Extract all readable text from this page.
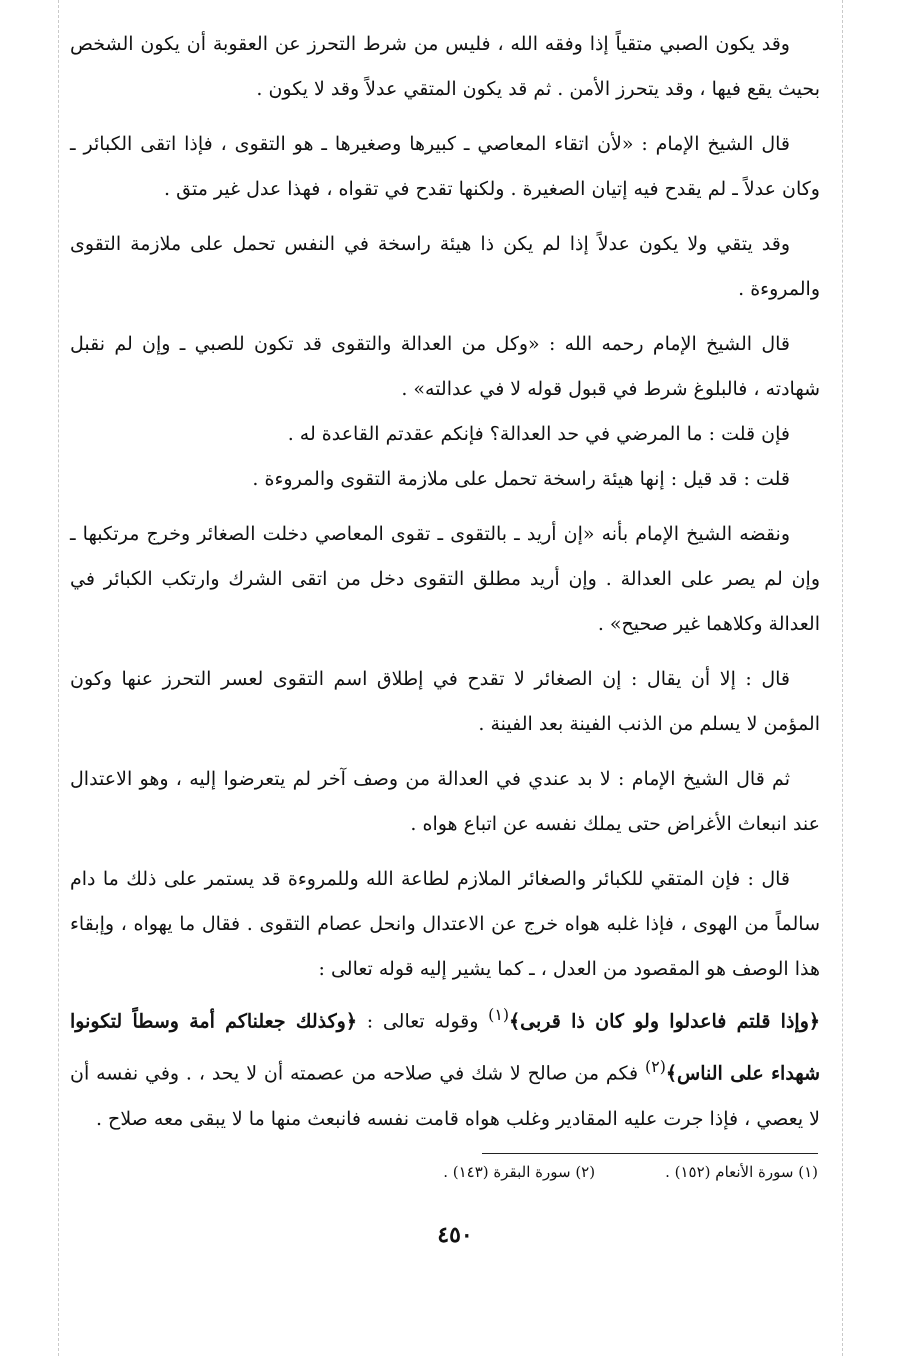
وقد يكون الصبي متقياً إذا وفقه الله ، فليس من شرط التحرز عن العقوبة أن يكون الشخص بحيث يقع فيها ، وقد يتحرز الأمن . ثم قد يكون المتقي عدلاً وقد لا يكون .

قال الشيخ الإمام : «لأن اتقاء المعاصي ـ كبيرها وصغيرها ـ هو التقوى ، فإذا اتقى الكبائر ـ وكان عدلاً ـ لم يقدح فيه إتيان الصغيرة . ولكنها تقدح في تقواه ، فهذا عدل غير متق .

وقد يتقي ولا يكون عدلاً إذا لم يكن ذا هيئة راسخة في النفس تحمل على ملازمة التقوى والمروءة .

قال الشيخ الإمام رحمه الله : «وكل من العدالة والتقوى قد تكون للصبي ـ وإن لم نقبل شهادته ، فالبلوغ شرط في قبول قوله لا في عدالته» .

فإن قلت : ما المرضي في حد العدالة؟ فإنكم عقدتم القاعدة له .

قلت : قد قيل : إنها هيئة راسخة تحمل على ملازمة التقوى والمروءة .

ونقضه الشيخ الإمام بأنه «إن أريد ـ بالتقوى ـ تقوى المعاصي دخلت الصغائر وخرج مرتكبها ـ وإن لم يصر على العدالة . وإن أريد مطلق التقوى دخل من اتقى الشرك وارتكب الكبائر في العدالة وكلاهما غير صحيح» .

قال : إلا أن يقال : إن الصغائر لا تقدح في إطلاق اسم التقوى لعسر التحرز عنها وكون المؤمن لا يسلم من الذنب الفينة بعد الفينة .

ثم قال الشيخ الإمام : لا بد عندي في العدالة من وصف آخر لم يتعرضوا إليه ، وهو الاعتدال عند انبعاث الأغراض حتى يملك نفسه عن اتباع هواه .

قال : فإن المتقي للكبائر والصغائر الملازم لطاعة الله وللمروءة قد يستمر على ذلك ما دام سالماً من الهوى ، فإذا غلبه هواه خرج عن الاعتدال وانحل عصام التقوى . فقال ما يهواه ، وإبقاء هذا الوصف هو المقصود من العدل ، ـ كما يشير إليه قوله تعالى :

﴿وإذا قلتم فاعدلوا ولو كان ذا قربى﴾$^{(١)}$ وقوله تعالى : ﴿وكذلك جعلناكم أمة وسطاً لتكونوا شهداء على الناس﴾$^{(٢)}$ فكم من صالح لا شك في صلاحه من عصمته أن لا يحد ، . وفي نفسه أن لا يعصي ، فإذا جرت عليه المقادير وغلب هواه قامت نفسه فانبعث منها ما لا يبقى معه صلاح .

(١) سورة الأنعام (١٥٢) .
(٢) سورة البقرة (١٤٣) .
٤٥٠
